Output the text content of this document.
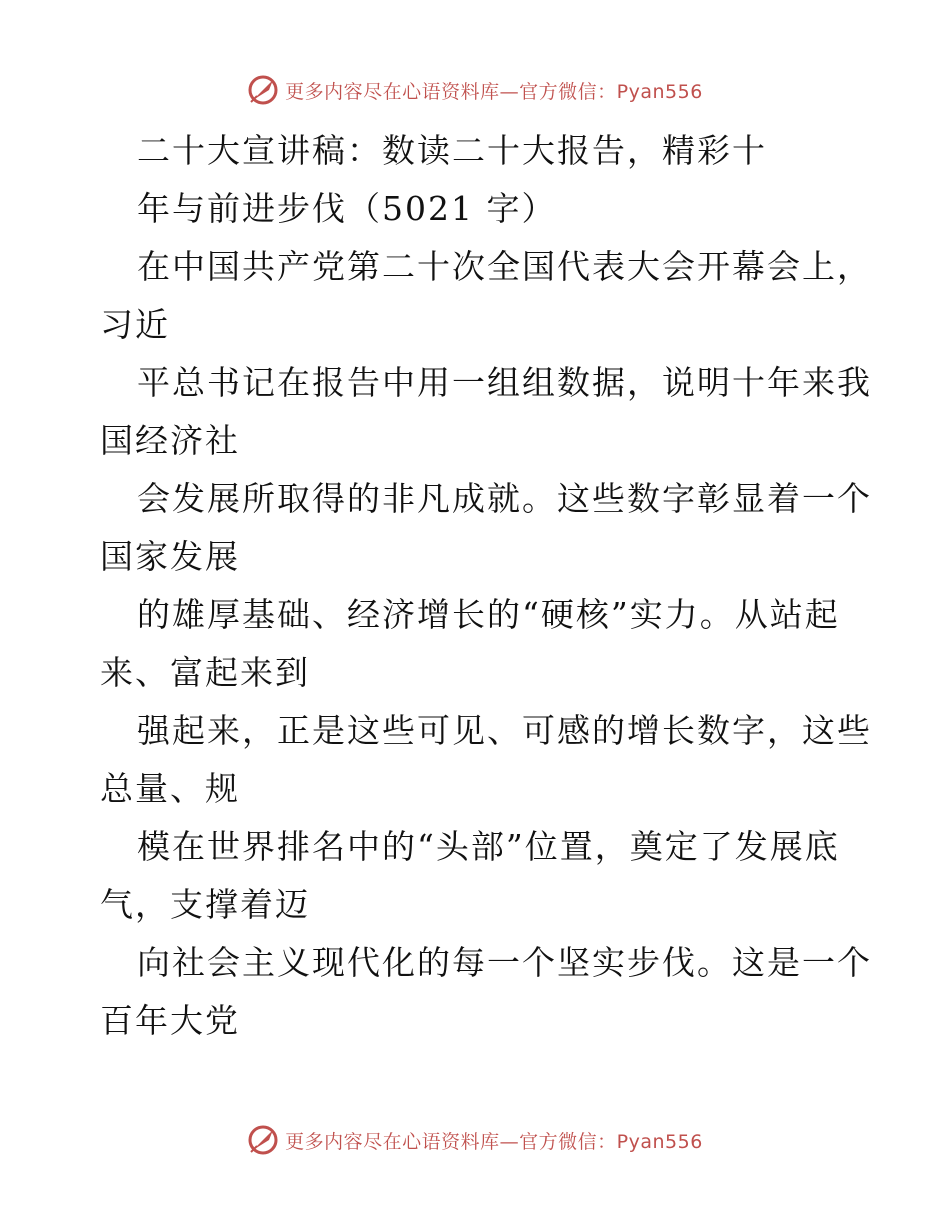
更多内容尽在心语资料库—官方微信：Pyan556
二十大宣讲稿：数读二十大报告，精彩十
年与前进步伐（5021 字）
在中国共产党第二十次全国代表大会开幕会上，
习近
平总书记在报告中用一组组数据，说明十年来我
国经济社
会发展所取得的非凡成就。这些数字彰显着一个
国家发展
的雄厚基础、经济增长的“硬核”实力。从站起
来、富起来到
强起来，正是这些可见、可感的增长数字，这些
总量、规
模在世界排名中的“头部”位置，奠定了发展底
气，支撑着迈
向社会主义现代化的每一个坚实步伐。这是一个
百年大党
更多内容尽在心语资料库—官方微信：Pyan556
